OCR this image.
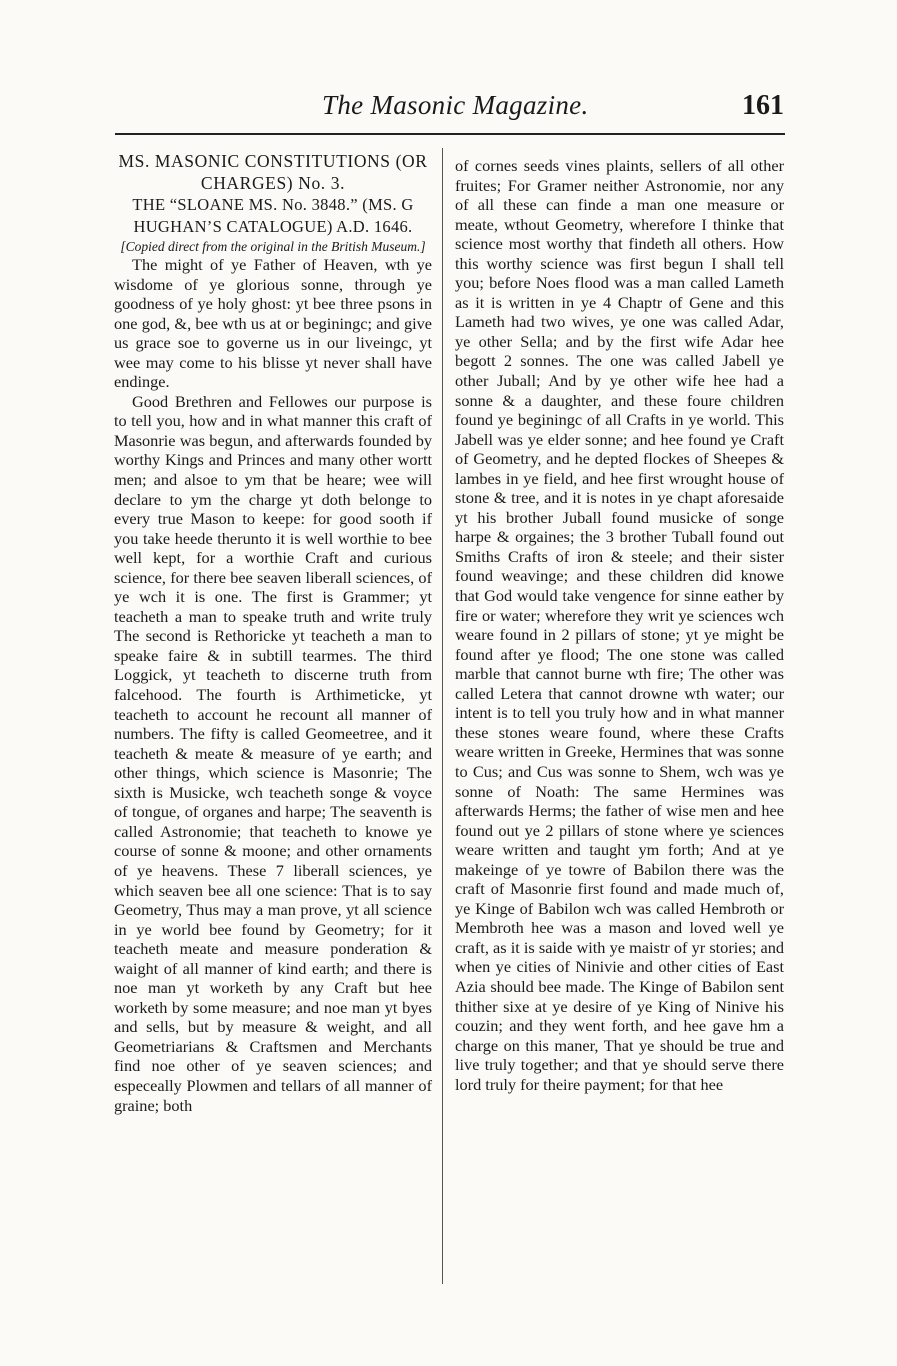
The Masonic Magazine.	161

MS. MASONIC CONSTITUTIONS (OR CHARGES) No. 3.

THE “SLOANE MS. No. 3848.” (MS. G HUGHAN’S CATALOGUE) A.D. 1646.

[Copied direct from the original in the British Museum.]

The might of ye Father of Heaven, wth ye wisdome of ye glorious sonne, through ye goodness of ye holy ghost: yt bee three psons in one god, &, bee wth us at or beginingc; and give us grace soe to governe us in our liveingc, yt wee may come to his blisse yt never shall have endinge.

Good Brethren and Fellowes our purpose is to tell you, how and in what manner this craft of Masonrie was begun, and afterwards founded by worthy Kings and Princes and many other wortt men; and alsoe to ym that be heare; wee will declare to ym the charge yt doth belonge to every true Mason to keepe: for good sooth if you take heede therunto it is well worthie to bee well kept, for a worthie Craft and curious science, for there bee seaven liberall sciences, of ye wch it is one. The first is Grammer; yt teacheth a man to speake truth and write truly The second is Rethoricke yt teacheth a man to speake faire & in subtill tearmes. The third Loggick, yt teacheth to discerne truth from falcehood. The fourth is Arthimeticke, yt teacheth to account he recount all manner of numbers. The fifty is called Geomeetree, and it teacheth & meate & measure of ye earth; and other things, which science is Masonrie; The sixth is Musicke, wch teacheth songe & voyce of tongue, of organes and harpe; The seaventh is called Astronomie; that teacheth to knowe ye course of sonne & moone; and other ornaments of ye heavens. These 7 liberall sciences, ye which seaven bee all one science: That is to say Geometry, Thus may a man prove, yt all science in ye world bee found by Geometry; for it teacheth meate and measure ponderation & waight of all manner of kind earth; and there is noe man yt worketh by any Craft but hee worketh by some measure; and noe man yt byes and sells, but by measure & weight, and all Geometriarians & Craftsmen and Merchants find noe other of ye seaven sciences; and especeally Plowmen and tellars of all manner of graine; both

of cornes seeds vines plaints, sellers of all other fruites; For Gramer neither Astronomie, nor any of all these can finde a man one measure or meate, wthout Geometry, wherefore I thinke that science most worthy that findeth all others. How this worthy science was first begun I shall tell you; before Noes flood was a man called Lameth as it is written in ye 4 Chaptr of Gene and this Lameth had two wives, ye one was called Adar, ye other Sella; and by the first wife Adar hee begott 2 sonnes. The one was called Jabell ye other Juball; And by ye other wife hee had a sonne & a daughter, and these foure children found ye beginingc of all Crafts in ye world. This Jabell was ye elder sonne; and hee found ye Craft of Geometry, and he depted flockes of Sheepes & lambes in ye field, and hee first wrought house of stone & tree, and it is notes in ye chapt aforesaide yt his brother Juball found musicke of songe harpe & orgaines; the 3 brother Tuball found out Smiths Crafts of iron & steele; and their sister found weavinge; and these children did knowe that God would take vengence for sinne eather by fire or water; wherefore they writ ye sciences wch weare found in 2 pillars of stone; yt ye might be found after ye flood; The one stone was called marble that cannot burne wth fire; The other was called Letera that cannot drowne wth water; our intent is to tell you truly how and in what manner these stones weare found, where these Crafts weare written in Greeke, Hermines that was sonne to Cus; and Cus was sonne to Shem, wch was ye sonne of Noath: The same Hermines was afterwards Herms; the father of wise men and hee found out ye 2 pillars of stone where ye sciences weare written and taught ym forth; And at ye makeinge of ye towre of Babilon there was the craft of Masonrie first found and made much of, ye Kinge of Babilon wch was called Hembroth or Membroth hee was a mason and loved well ye craft, as it is saide with ye maistr of yr stories; and when ye cities of Ninivie and other cities of East Azia should bee made. The Kinge of Babilon sent thither sixe at ye desire of ye King of Ninive his couzin; and they went forth, and hee gave hm a charge on this maner, That ye should be true and live truly together; and that ye should serve there lord truly for theire payment; for that hee
